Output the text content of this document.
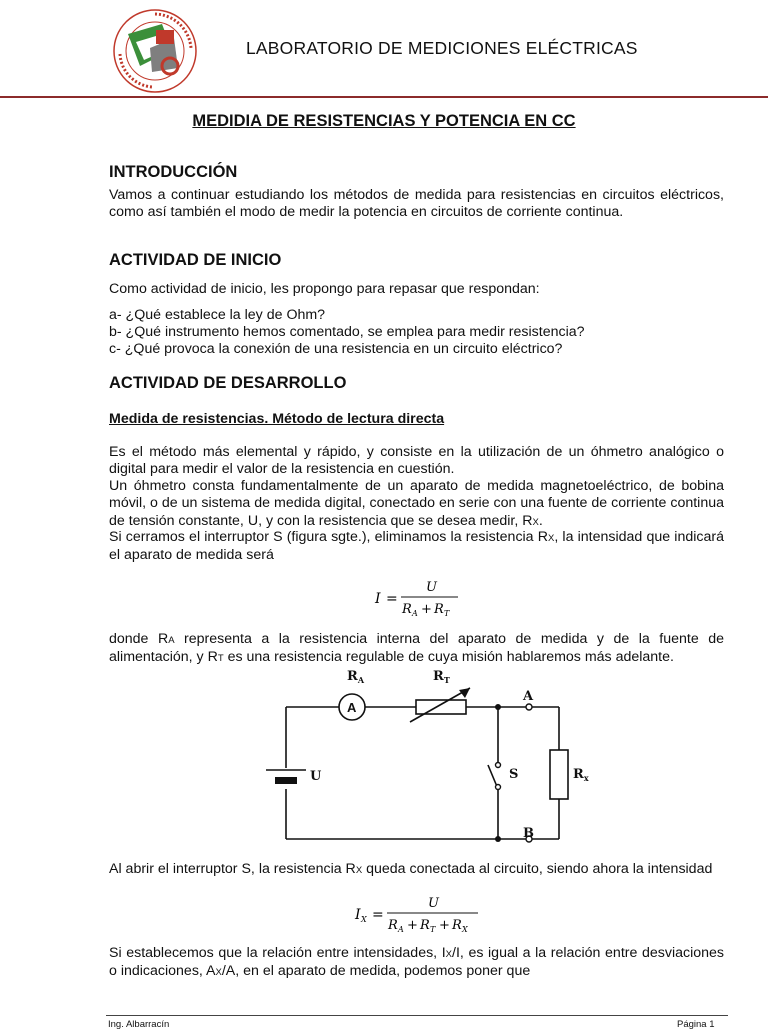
LABORATORIO DE MEDICIONES ELÉCTRICAS
MEDIDIA DE RESISTENCIAS Y POTENCIA EN CC
INTRODUCCIÓN
Vamos a continuar estudiando los métodos de medida para resistencias en circuitos eléctricos, como así también el modo de medir la potencia en circuitos de corriente continua.
ACTIVIDAD DE INICIO
Como actividad de inicio, les propongo para repasar que respondan:
a- ¿Qué establece la ley de Ohm?
b- ¿Qué instrumento hemos comentado, se emplea para medir resistencia?
c- ¿Qué provoca la conexión de una resistencia en un circuito eléctrico?
ACTIVIDAD DE DESARROLLO
Medida de resistencias. Método de lectura directa
Es el método más elemental y rápido, y consiste en la utilización de un óhmetro analógico o digital para medir el valor de la resistencia en cuestión.
Un óhmetro consta fundamentalmente de un aparato de medida magnetoeléctrico, de bobina móvil, o de un sistema de medida digital, conectado en serie con una fuente de corriente continua de tensión constante, U, y con la resistencia que se desea medir, RX.
Si cerramos el interruptor S (figura sgte.), eliminamos la resistencia RX, la intensidad que indicará el aparato de medida será
I =
U
R A + R T
donde RA representa a la resistencia interna del aparato de medida y de la fuente de alimentación, y RT es una resistencia regulable de cuya misión hablaremos más adelante.
A
$R_A$	$R_T$
A
B
U	S	$R_x$
Al abrir el interruptor S, la resistencia RX queda conectada al circuito, siendo ahora la intensidad
I X =
U
R A + R T + R X
Si establecemos que la relación entre intensidades, IX/I, es igual a la relación entre desviaciones o indicaciones, AX/A, en el aparato de medida, podemos poner que
Ing. Albarracín	Página 1
